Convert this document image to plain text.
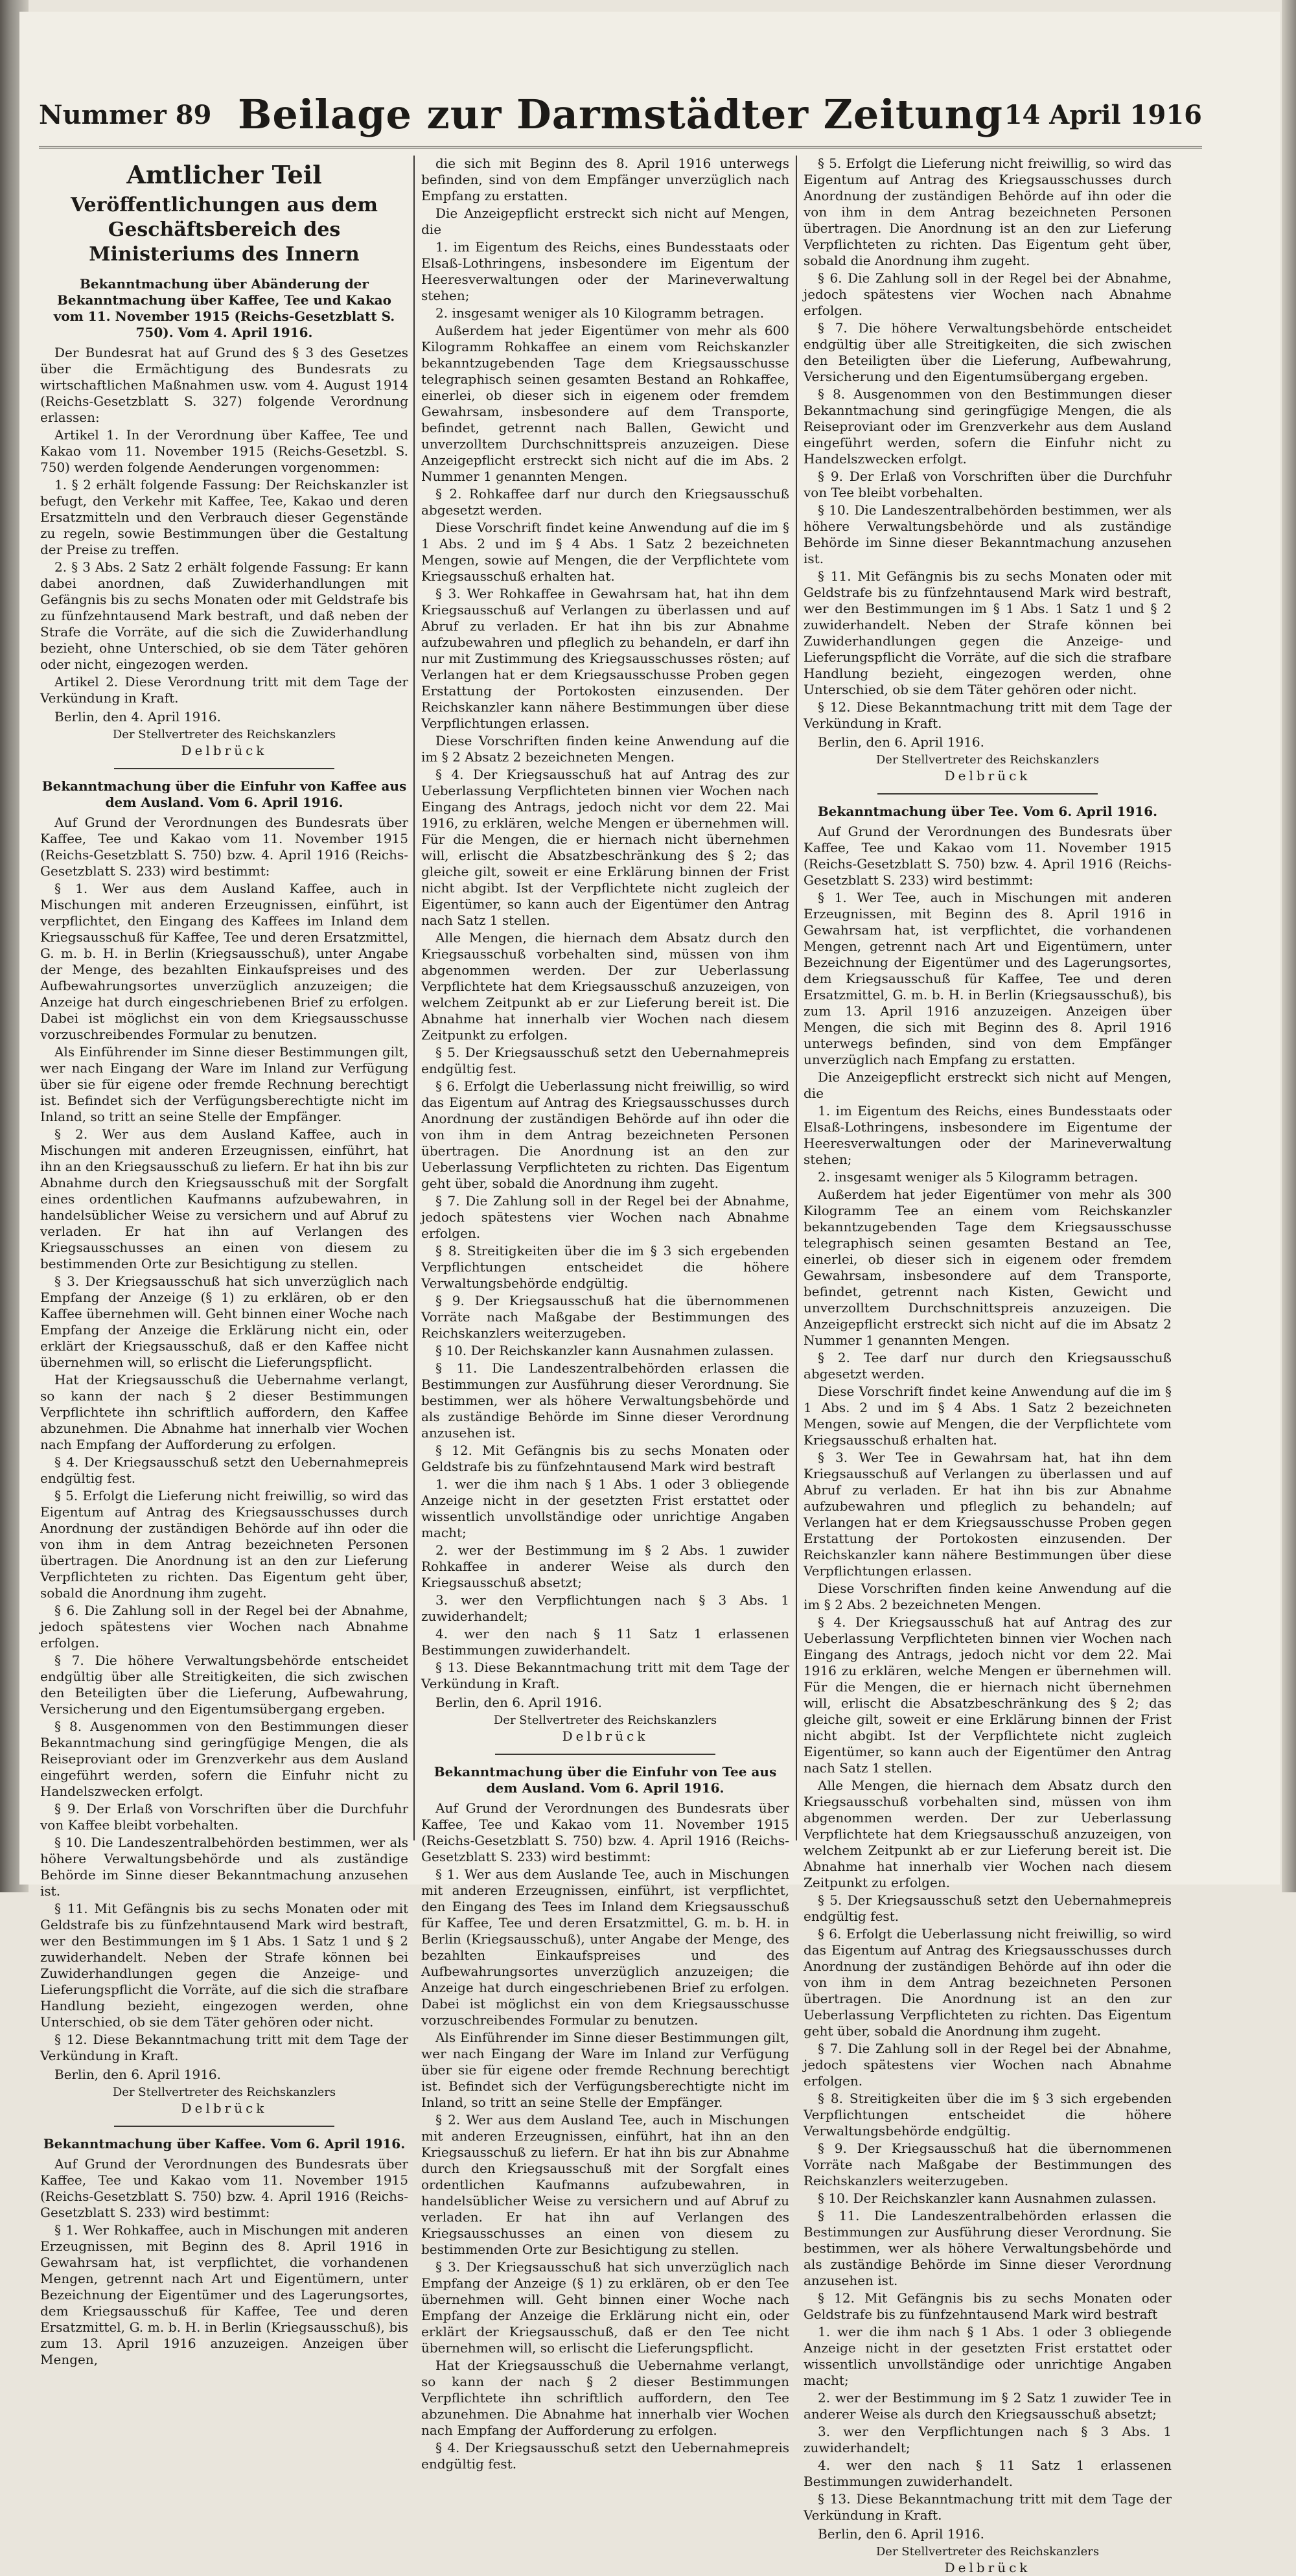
Beilage zur Darmstädter Zeitung
Nummer 89	14 April 1916
Amtlicher Teil
Veröffentlichungen aus dem Geschäftsbereich des Ministeriums des Innern
Bekanntmachung über Abänderung der Bekanntmachung über Kaffee, Tee und Kakao vom 11. November 1915 (Reichs-Gesetzblatt S. 750). Vom 4. April 1916.

Der Bundesrat hat auf Grund des § 3 des Gesetzes über die Ermächtigung des Bundesrats zu wirtschaftlichen Maßnahmen usw. vom 4. August 1914 (Reichs-Gesetzblatt S. 327) folgende Verordnung erlassen:

Artikel 1. In der Verordnung über Kaffee, Tee und Kakao vom 11. November 1915 (Reichs-Gesetzbl. S. 750) werden folgende Aenderungen vorgenommen:

1. § 2 erhält folgende Fassung: Der Reichskanzler ist befugt, den Verkehr mit Kaffee, Tee, Kakao und deren Ersatzmitteln und den Verbrauch dieser Gegenstände zu regeln, sowie Bestimmungen über die Gestaltung der Preise zu treffen.

2. § 3 Abs. 2 Satz 2 erhält folgende Fassung: Er kann dabei anordnen, daß Zuwiderhandlungen mit Gefängnis bis zu sechs Monaten oder mit Geldstrafe bis zu fünfzehntausend Mark bestraft, und daß neben der Strafe die Vorräte, auf die sich die Zuwiderhandlung bezieht, ohne Unterschied, ob sie dem Täter gehören oder nicht, eingezogen werden.

Artikel 2. Diese Verordnung tritt mit dem Tage der Verkündung in Kraft.

Berlin, den 4. April 1916.

Der Stellvertreter des Reichskanzlers
Delbrück
Bekanntmachung über die Einfuhr von Kaffee aus dem Ausland. Vom 6. April 1916.

Auf Grund der Verordnungen des Bundesrats über Kaffee, Tee und Kakao vom 11. November 1915 (Reichs-Gesetzblatt S. 750) bzw. 4. April 1916 (Reichs-Gesetzblatt S. 233) wird bestimmt:

§ 1. Wer aus dem Ausland Kaffee, auch in Mischungen mit anderen Erzeugnissen, einführt, ist verpflichtet, den Eingang des Kaffees im Inland dem Kriegsausschuß für Kaffee, Tee und deren Ersatzmittel, G. m. b. H. in Berlin (Kriegsausschuß), unter Angabe der Menge, des bezahlten Einkaufspreises und des Aufbewahrungsortes unverzüglich anzuzeigen; die Anzeige hat durch eingeschriebenen Brief zu erfolgen. Dabei ist möglichst ein von dem Kriegsausschusse vorzuschreibendes Formular zu benutzen.

Als Einführender im Sinne dieser Bestimmungen gilt, wer nach Eingang der Ware im Inland zur Verfügung über sie für eigene oder fremde Rechnung berechtigt ist. Befindet sich der Verfügungsberechtigte nicht im Inland, so tritt an seine Stelle der Empfänger.

§ 2. Wer aus dem Ausland Kaffee, auch in Mischungen mit anderen Erzeugnissen, einführt, hat ihn an den Kriegsausschuß zu liefern. Er hat ihn bis zur Abnahme durch den Kriegsausschuß mit der Sorgfalt eines ordentlichen Kaufmanns aufzubewahren, in handelsüblicher Weise zu versichern und auf Abruf zu verladen. Er hat ihn auf Verlangen des Kriegsausschusses an einen von diesem zu bestimmenden Orte zur Besichtigung zu stellen.

§ 3. Der Kriegsausschuß hat sich unverzüglich nach Empfang der Anzeige (§ 1) zu erklären, ob er den Kaffee übernehmen will. Geht binnen einer Woche nach Empfang der Anzeige die Erklärung nicht ein, oder erklärt der Kriegsausschuß, daß er den Kaffee nicht übernehmen will, so erlischt die Lieferungspflicht.

Hat der Kriegsausschuß die Uebernahme verlangt, so kann der nach § 2 dieser Bestimmungen Verpflichtete ihn schriftlich auffordern, den Kaffee abzunehmen. Die Abnahme hat innerhalb vier Wochen nach Empfang der Aufforderung zu erfolgen.

§ 4. Der Kriegsausschuß setzt den Uebernahmepreis endgültig fest.

§ 5. Erfolgt die Lieferung nicht freiwillig, so wird das Eigentum auf Antrag des Kriegsausschusses durch Anordnung der zuständigen Behörde auf ihn oder die von ihm in dem Antrag bezeichneten Personen übertragen. Die Anordnung ist an den zur Lieferung Verpflichteten zu richten. Das Eigentum geht über, sobald die Anordnung ihm zugeht.

§ 6. Die Zahlung soll in der Regel bei der Abnahme, jedoch spätestens vier Wochen nach Abnahme erfolgen.

§ 7. Die höhere Verwaltungsbehörde entscheidet endgültig über alle Streitigkeiten, die sich zwischen den Beteiligten über die Lieferung, Aufbewahrung, Versicherung und den Eigentumsübergang ergeben.

§ 8. Ausgenommen von den Bestimmungen dieser Bekanntmachung sind geringfügige Mengen, die als Reiseproviant oder im Grenzverkehr aus dem Ausland eingeführt werden, sofern die Einfuhr nicht zu Handelszwecken erfolgt.

§ 9. Der Erlaß von Vorschriften über die Durchfuhr von Kaffee bleibt vorbehalten.

§ 10. Die Landeszentralbehörden bestimmen, wer als höhere Verwaltungsbehörde und als zuständige Behörde im Sinne dieser Bekanntmachung anzusehen ist.

§ 11. Mit Gefängnis bis zu sechs Monaten oder mit Geldstrafe bis zu fünfzehntausend Mark wird bestraft, wer den Bestimmungen im § 1 Abs. 1 Satz 1 und § 2 zuwiderhandelt. Neben der Strafe können bei Zuwiderhandlungen gegen die Anzeige- und Lieferungspflicht die Vorräte, auf die sich die strafbare Handlung bezieht, eingezogen werden, ohne Unterschied, ob sie dem Täter gehören oder nicht.

§ 12. Diese Bekanntmachung tritt mit dem Tage der Verkündung in Kraft.

Berlin, den 6. April 1916.

Der Stellvertreter des Reichskanzlers
Delbrück
Bekanntmachung über Kaffee. Vom 6. April 1916.

Auf Grund der Verordnungen des Bundesrats über Kaffee, Tee und Kakao vom 11. November 1915 (Reichs-Gesetzblatt S. 750) bzw. 4. April 1916 (Reichs-Gesetzblatt S. 233) wird bestimmt:

§ 1. Wer Rohkaffee, auch in Mischungen mit anderen Erzeugnissen, mit Beginn des 8. April 1916 in Gewahrsam hat, ist verpflichtet, die vorhandenen Mengen, getrennt nach Art und Eigentümern, unter Bezeichnung der Eigentümer und des Lagerungsortes, dem Kriegsausschuß für Kaffee, Tee und deren Ersatzmittel, G. m. b. H. in Berlin (Kriegsausschuß), bis zum 13. April 1916 anzuzeigen. Anzeigen über Mengen,

die sich mit Beginn des 8. April 1916 unterwegs befinden, sind von dem Empfänger unverzüglich nach Empfang zu erstatten.

Die Anzeigepflicht erstreckt sich nicht auf Mengen, die

1. im Eigentum des Reichs, eines Bundesstaats oder Elsaß-Lothringens, insbesondere im Eigentum der Heeresverwaltungen oder der Marineverwaltung stehen;

2. insgesamt weniger als 10 Kilogramm betragen.

Außerdem hat jeder Eigentümer von mehr als 600 Kilogramm Rohkaffee an einem vom Reichskanzler bekanntzugebenden Tage dem Kriegsausschusse telegraphisch seinen gesamten Bestand an Rohkaffee, einerlei, ob dieser sich in eigenem oder fremdem Gewahrsam, insbesondere auf dem Transporte, befindet, getrennt nach Ballen, Gewicht und unverzolltem Durchschnittspreis anzuzeigen. Diese Anzeigepflicht erstreckt sich nicht auf die im Abs. 2 Nummer 1 genannten Mengen.

§ 2. Rohkaffee darf nur durch den Kriegsausschuß abgesetzt werden.

Diese Vorschrift findet keine Anwendung auf die im § 1 Abs. 2 und im § 4 Abs. 1 Satz 2 bezeichneten Mengen, sowie auf Mengen, die der Verpflichtete vom Kriegsausschuß erhalten hat.

§ 3. Wer Rohkaffee in Gewahrsam hat, hat ihn dem Kriegsausschuß auf Verlangen zu überlassen und auf Abruf zu verladen. Er hat ihn bis zur Abnahme aufzubewahren und pfleglich zu behandeln, er darf ihn nur mit Zustimmung des Kriegsausschusses rösten; auf Verlangen hat er dem Kriegsausschusse Proben gegen Erstattung der Portokosten einzusenden. Der Reichskanzler kann nähere Bestimmungen über diese Verpflichtungen erlassen.

Diese Vorschriften finden keine Anwendung auf die im § 2 Absatz 2 bezeichneten Mengen.

§ 4. Der Kriegsausschuß hat auf Antrag des zur Ueberlassung Verpflichteten binnen vier Wochen nach Eingang des Antrags, jedoch nicht vor dem 22. Mai 1916, zu erklären, welche Mengen er übernehmen will. Für die Mengen, die er hiernach nicht übernehmen will, erlischt die Absatzbeschränkung des § 2; das gleiche gilt, soweit er eine Erklärung binnen der Frist nicht abgibt. Ist der Verpflichtete nicht zugleich der Eigentümer, so kann auch der Eigentümer den Antrag nach Satz 1 stellen.

Alle Mengen, die hiernach dem Absatz durch den Kriegsausschuß vorbehalten sind, müssen von ihm abgenommen werden. Der zur Ueberlassung Verpflichtete hat dem Kriegsausschuß anzuzeigen, von welchem Zeitpunkt ab er zur Lieferung bereit ist. Die Abnahme hat innerhalb vier Wochen nach diesem Zeitpunkt zu erfolgen.

§ 5. Der Kriegsausschuß setzt den Uebernahmepreis endgültig fest.

§ 6. Erfolgt die Ueberlassung nicht freiwillig, so wird das Eigentum auf Antrag des Kriegsausschusses durch Anordnung der zuständigen Behörde auf ihn oder die von ihm in dem Antrag bezeichneten Personen übertragen. Die Anordnung ist an den zur Ueberlassung Verpflichteten zu richten. Das Eigentum geht über, sobald die Anordnung ihm zugeht.

§ 7. Die Zahlung soll in der Regel bei der Abnahme, jedoch spätestens vier Wochen nach Abnahme erfolgen.

§ 8. Streitigkeiten über die im § 3 sich ergebenden Verpflichtungen entscheidet die höhere Verwaltungsbehörde endgültig.

§ 9. Der Kriegsausschuß hat die übernommenen Vorräte nach Maßgabe der Bestimmungen des Reichskanzlers weiterzugeben.

§ 10. Der Reichskanzler kann Ausnahmen zulassen.

§ 11. Die Landeszentralbehörden erlassen die Bestimmungen zur Ausführung dieser Verordnung. Sie bestimmen, wer als höhere Verwaltungsbehörde und als zuständige Behörde im Sinne dieser Verordnung anzusehen ist.

§ 12. Mit Gefängnis bis zu sechs Monaten oder Geldstrafe bis zu fünfzehntausend Mark wird bestraft

1. wer die ihm nach § 1 Abs. 1 oder 3 obliegende Anzeige nicht in der gesetzten Frist erstattet oder wissentlich unvollständige oder unrichtige Angaben macht;

2. wer der Bestimmung im § 2 Abs. 1 zuwider Rohkaffee in anderer Weise als durch den Kriegsausschuß absetzt;

3. wer den Verpflichtungen nach § 3 Abs. 1 zuwiderhandelt;

4. wer den nach § 11 Satz 1 erlassenen Bestimmungen zuwiderhandelt.

§ 13. Diese Bekanntmachung tritt mit dem Tage der Verkündung in Kraft.

Berlin, den 6. April 1916.

Der Stellvertreter des Reichskanzlers
Delbrück
Bekanntmachung über die Einfuhr von Tee aus dem Ausland. Vom 6. April 1916.

Auf Grund der Verordnungen des Bundesrats über Kaffee, Tee und Kakao vom 11. November 1915 (Reichs-Gesetzblatt S. 750) bzw. 4. April 1916 (Reichs-Gesetzblatt S. 233) wird bestimmt:

§ 1. Wer aus dem Auslande Tee, auch in Mischungen mit anderen Erzeugnissen, einführt, ist verpflichtet, den Eingang des Tees im Inland dem Kriegsausschuß für Kaffee, Tee und deren Ersatzmittel, G. m. b. H. in Berlin (Kriegsausschuß), unter Angabe der Menge, des bezahlten Einkaufspreises und des Aufbewahrungsortes unverzüglich anzuzeigen; die Anzeige hat durch eingeschriebenen Brief zu erfolgen. Dabei ist möglichst ein von dem Kriegsausschusse vorzuschreibendes Formular zu benutzen.

Als Einführender im Sinne dieser Bestimmungen gilt, wer nach Eingang der Ware im Inland zur Verfügung über sie für eigene oder fremde Rechnung berechtigt ist. Befindet sich der Verfügungsberechtigte nicht im Inland, so tritt an seine Stelle der Empfänger.

§ 2. Wer aus dem Ausland Tee, auch in Mischungen mit anderen Erzeugnissen, einführt, hat ihn an den Kriegsausschuß zu liefern. Er hat ihn bis zur Abnahme durch den Kriegsausschuß mit der Sorgfalt eines ordentlichen Kaufmanns aufzubewahren, in handelsüblicher Weise zu versichern und auf Abruf zu verladen. Er hat ihn auf Verlangen des Kriegsausschusses an einen von diesem zu bestimmenden Orte zur Besichtigung zu stellen.

§ 3. Der Kriegsausschuß hat sich unverzüglich nach Empfang der Anzeige (§ 1) zu erklären, ob er den Tee übernehmen will. Geht binnen einer Woche nach Empfang der Anzeige die Erklärung nicht ein, oder erklärt der Kriegsausschuß, daß er den Tee nicht übernehmen will, so erlischt die Lieferungspflicht.

Hat der Kriegsausschuß die Uebernahme verlangt, so kann der nach § 2 dieser Bestimmungen Verpflichtete ihn schriftlich auffordern, den Tee abzunehmen. Die Abnahme hat innerhalb vier Wochen nach Empfang der Aufforderung zu erfolgen.

§ 4. Der Kriegsausschuß setzt den Uebernahmepreis endgültig fest.

§ 5. Erfolgt die Lieferung nicht freiwillig, so wird das Eigentum auf Antrag des Kriegsausschusses durch Anordnung der zuständigen Behörde auf ihn oder die von ihm in dem Antrag bezeichneten Personen übertragen. Die Anordnung ist an den zur Lieferung Verpflichteten zu richten. Das Eigentum geht über, sobald die Anordnung ihm zugeht.

§ 6. Die Zahlung soll in der Regel bei der Abnahme, jedoch spätestens vier Wochen nach Abnahme erfolgen.

§ 7. Die höhere Verwaltungsbehörde entscheidet endgültig über alle Streitigkeiten, die sich zwischen den Beteiligten über die Lieferung, Aufbewahrung, Versicherung und den Eigentumsübergang ergeben.

§ 8. Ausgenommen von den Bestimmungen dieser Bekanntmachung sind geringfügige Mengen, die als Reiseproviant oder im Grenzverkehr aus dem Ausland eingeführt werden, sofern die Einfuhr nicht zu Handelszwecken erfolgt.

§ 9. Der Erlaß von Vorschriften über die Durchfuhr von Tee bleibt vorbehalten.

§ 10. Die Landeszentralbehörden bestimmen, wer als höhere Verwaltungsbehörde und als zuständige Behörde im Sinne dieser Bekanntmachung anzusehen ist.

§ 11. Mit Gefängnis bis zu sechs Monaten oder mit Geldstrafe bis zu fünfzehntausend Mark wird bestraft, wer den Bestimmungen im § 1 Abs. 1 Satz 1 und § 2 zuwiderhandelt. Neben der Strafe können bei Zuwiderhandlungen gegen die Anzeige- und Lieferungspflicht die Vorräte, auf die sich die strafbare Handlung bezieht, eingezogen werden, ohne Unterschied, ob sie dem Täter gehören oder nicht.

§ 12. Diese Bekanntmachung tritt mit dem Tage der Verkündung in Kraft.

Berlin, den 6. April 1916.

Der Stellvertreter des Reichskanzlers
Delbrück
Bekanntmachung über Tee. Vom 6. April 1916.

Auf Grund der Verordnungen des Bundesrats über Kaffee, Tee und Kakao vom 11. November 1915 (Reichs-Gesetzblatt S. 750) bzw. 4. April 1916 (Reichs-Gesetzblatt S. 233) wird bestimmt:

§ 1. Wer Tee, auch in Mischungen mit anderen Erzeugnissen, mit Beginn des 8. April 1916 in Gewahrsam hat, ist verpflichtet, die vorhandenen Mengen, getrennt nach Art und Eigentümern, unter Bezeichnung der Eigentümer und des Lagerungsortes, dem Kriegsausschuß für Kaffee, Tee und deren Ersatzmittel, G. m. b. H. in Berlin (Kriegsausschuß), bis zum 13. April 1916 anzuzeigen. Anzeigen über Mengen, die sich mit Beginn des 8. April 1916 unterwegs befinden, sind von dem Empfänger unverzüglich nach Empfang zu erstatten.

Die Anzeigepflicht erstreckt sich nicht auf Mengen, die

1. im Eigentum des Reichs, eines Bundesstaats oder Elsaß-Lothringens, insbesondere im Eigentume der Heeresverwaltungen oder der Marineverwaltung stehen;

2. insgesamt weniger als 5 Kilogramm betragen.

Außerdem hat jeder Eigentümer von mehr als 300 Kilogramm Tee an einem vom Reichskanzler bekanntzugebenden Tage dem Kriegsausschusse telegraphisch seinen gesamten Bestand an Tee, einerlei, ob dieser sich in eigenem oder fremdem Gewahrsam, insbesondere auf dem Transporte, befindet, getrennt nach Kisten, Gewicht und unverzolltem Durchschnittspreis anzuzeigen. Die Anzeigepflicht erstreckt sich nicht auf die im Absatz 2 Nummer 1 genannten Mengen.

§ 2. Tee darf nur durch den Kriegsausschuß abgesetzt werden.

Diese Vorschrift findet keine Anwendung auf die im § 1 Abs. 2 und im § 4 Abs. 1 Satz 2 bezeichneten Mengen, sowie auf Mengen, die der Verpflichtete vom Kriegsausschuß erhalten hat.

§ 3. Wer Tee in Gewahrsam hat, hat ihn dem Kriegsausschuß auf Verlangen zu überlassen und auf Abruf zu verladen. Er hat ihn bis zur Abnahme aufzubewahren und pfleglich zu behandeln; auf Verlangen hat er dem Kriegsausschusse Proben gegen Erstattung der Portokosten einzusenden. Der Reichskanzler kann nähere Bestimmungen über diese Verpflichtungen erlassen.

Diese Vorschriften finden keine Anwendung auf die im § 2 Abs. 2 bezeichneten Mengen.

§ 4. Der Kriegsausschuß hat auf Antrag des zur Ueberlassung Verpflichteten binnen vier Wochen nach Eingang des Antrags, jedoch nicht vor dem 22. Mai 1916 zu erklären, welche Mengen er übernehmen will. Für die Mengen, die er hiernach nicht übernehmen will, erlischt die Absatzbeschränkung des § 2; das gleiche gilt, soweit er eine Erklärung binnen der Frist nicht abgibt. Ist der Verpflichtete nicht zugleich Eigentümer, so kann auch der Eigentümer den Antrag nach Satz 1 stellen.

Alle Mengen, die hiernach dem Absatz durch den Kriegsausschuß vorbehalten sind, müssen von ihm abgenommen werden. Der zur Ueberlassung Verpflichtete hat dem Kriegsausschuß anzuzeigen, von welchem Zeitpunkt ab er zur Lieferung bereit ist. Die Abnahme hat innerhalb vier Wochen nach diesem Zeitpunkt zu erfolgen.

§ 5. Der Kriegsausschuß setzt den Uebernahmepreis endgültig fest.

§ 6. Erfolgt die Ueberlassung nicht freiwillig, so wird das Eigentum auf Antrag des Kriegsausschusses durch Anordnung der zuständigen Behörde auf ihn oder die von ihm in dem Antrag bezeichneten Personen übertragen. Die Anordnung ist an den zur Ueberlassung Verpflichteten zu richten. Das Eigentum geht über, sobald die Anordnung ihm zugeht.

§ 7. Die Zahlung soll in der Regel bei der Abnahme, jedoch spätestens vier Wochen nach Abnahme erfolgen.

§ 8. Streitigkeiten über die im § 3 sich ergebenden Verpflichtungen entscheidet die höhere Verwaltungsbehörde endgültig.

§ 9. Der Kriegsausschuß hat die übernommenen Vorräte nach Maßgabe der Bestimmungen des Reichskanzlers weiterzugeben.

§ 10. Der Reichskanzler kann Ausnahmen zulassen.

§ 11. Die Landeszentralbehörden erlassen die Bestimmungen zur Ausführung dieser Verordnung. Sie bestimmen, wer als höhere Verwaltungsbehörde und als zuständige Behörde im Sinne dieser Verordnung anzusehen ist.

§ 12. Mit Gefängnis bis zu sechs Monaten oder Geldstrafe bis zu fünfzehntausend Mark wird bestraft

1. wer die ihm nach § 1 Abs. 1 oder 3 obliegende Anzeige nicht in der gesetzten Frist erstattet oder wissentlich unvollständige oder unrichtige Angaben macht;

2. wer der Bestimmung im § 2 Satz 1 zuwider Tee in anderer Weise als durch den Kriegsausschuß absetzt;

3. wer den Verpflichtungen nach § 3 Abs. 1 zuwiderhandelt;

4. wer den nach § 11 Satz 1 erlassenen Bestimmungen zuwiderhandelt.

§ 13. Diese Bekanntmachung tritt mit dem Tage der Verkündung in Kraft.

Berlin, den 6. April 1916.

Der Stellvertreter des Reichskanzlers
Delbrück
